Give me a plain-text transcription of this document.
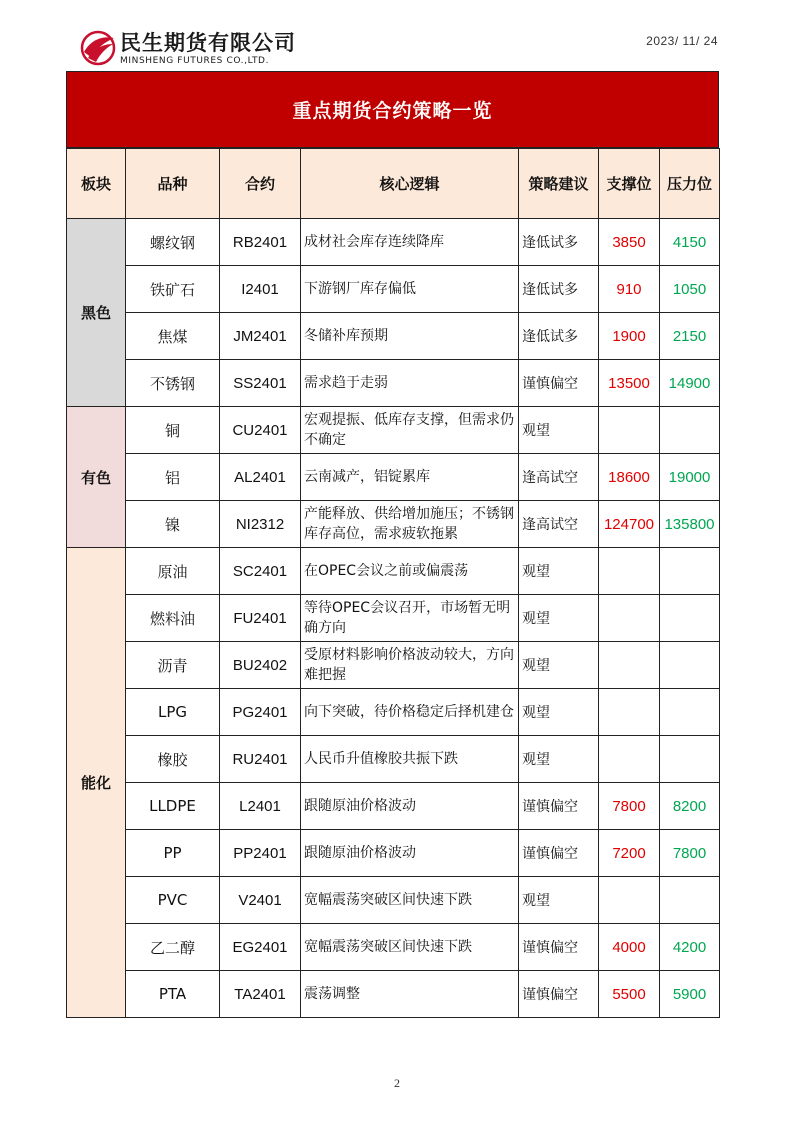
民生期货有限公司
MINSHENG FUTURES CO.,LTD.
2023/ 11/ 24
重点期货合约策略一览
板块	品种	合约	核心逻辑	策略建议	支撑位	压力位
黑色	螺纹钢	RB2401	成材社会库存连续降库	逢低试多	3850	4150
	铁矿石	I2401	下游钢厂库存偏低	逢低试多	910	1050
	焦煤	JM2401	冬储补库预期	逢低试多	1900	2150
	不锈钢	SS2401	需求趋于走弱	谨慎偏空	13500	14900
有色	铜	CU2401	宏观提振、低库存支撑，但需求仍不确定	观望		
	铝	AL2401	云南减产，铝锭累库	逢高试空	18600	19000
	镍	NI2312	产能释放、供给增加施压；不锈钢库存高位，需求疲软拖累	逢高试空	124700	135800
能化	原油	SC2401	在OPEC会议之前或偏震荡	观望		
	燃料油	FU2401	等待OPEC会议召开，市场暂无明确方向	观望		
	沥青	BU2402	受原材料影响价格波动较大，方向难把握	观望		
	LPG	PG2401	向下突破，待价格稳定后择机建仓	观望		
	橡胶	RU2401	人民币升值橡胶共振下跌	观望		
	LLDPE	L2401	跟随原油价格波动	谨慎偏空	7800	8200
	PP	PP2401	跟随原油价格波动	谨慎偏空	7200	7800
	PVC	V2401	宽幅震荡突破区间快速下跌	观望		
	乙二醇	EG2401	宽幅震荡突破区间快速下跌	谨慎偏空	4000	4200
	PTA	TA2401	震荡调整	谨慎偏空	5500	5900
2
